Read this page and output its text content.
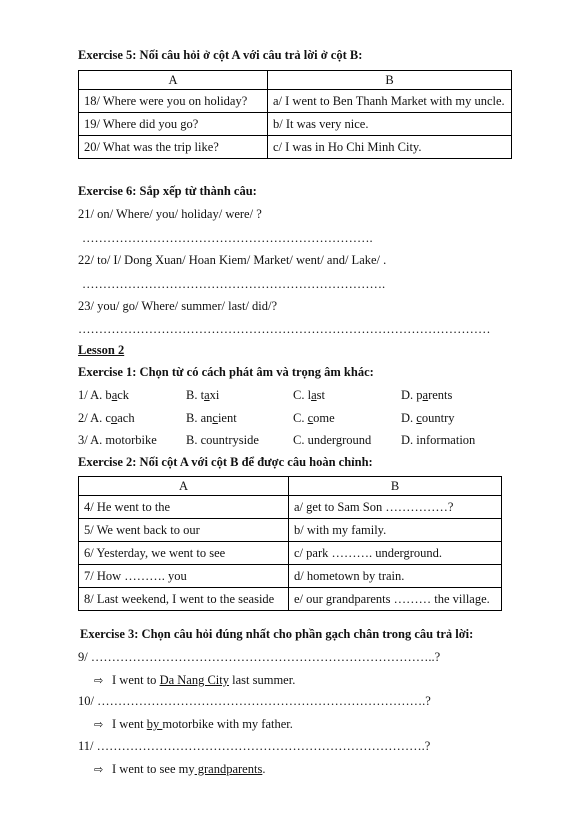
Exercise 5: Nối câu hỏi ở cột A với câu trả lời ở cột B:
A	B
18/ Where were you on holiday?	a/ I went to Ben Thanh Market with my uncle.
19/ Where did you go?	b/ It was very nice.
20/ What was the trip like?	c/ I was in Ho Chi Minh City.
Exercise 6: Sắp xếp từ thành câu:
21/ on/ Where/ you/ holiday/ were/ ?
…………………………………………………………….
22/ to/ I/ Dong Xuan/ Hoan Kiem/ Market/ went/ and/ Lake/ .
……………………………………………………………….
23/ you/ go/ Where/ summer/ last/ did/?
………………………………………………………………………………………
Lesson 2
Exercise 1: Chọn từ có cách phát âm và trọng âm khác:
1/ A. back	B. taxi	C. last	D. parents
2/ A. coach	B. ancient	C. come	D. country
3/ A. motorbike B. countryside	C. underground D. information
Exercise 2: Nối cột A với cột B để được câu hoàn chỉnh:
A	B
4/ He went to the	a/ get to Sam Son ……………?
5/ We went back to our	b/ with my family.
6/ Yesterday, we went to see	c/ park ………. underground.
7/ How ………. you	d/ hometown by train.
8/ Last weekend, I went to the seaside	e/ our grandparents ……… the village.
Exercise 3: Chọn câu hỏi đúng nhất cho phần gạch chân trong câu trả lời:
9/ ………………………………………………………………………..?
⇨ I went to Da Nang City last summer.
10/ …………………………………………………………………….?
⇨ I went by motorbike with my father.
11/ …………………………………………………………………….?
⇨ I went to see my grandparents.
